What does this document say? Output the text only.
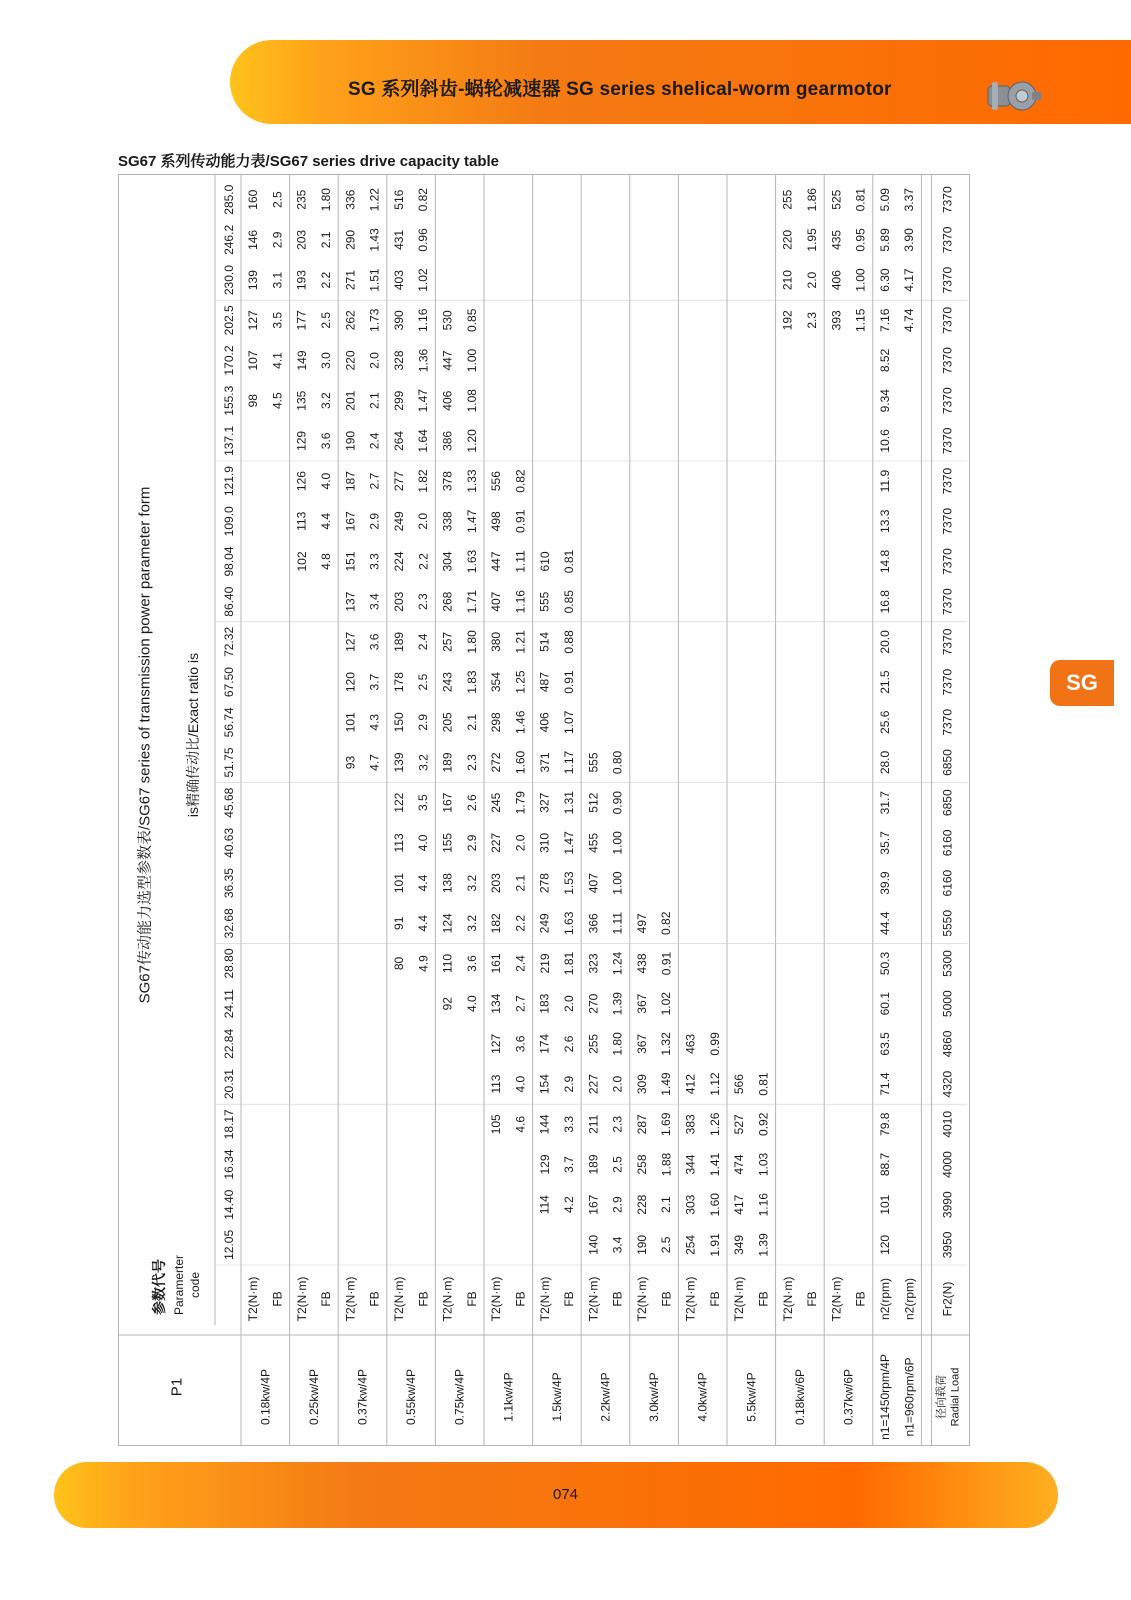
SG 系列斜齿-蜗轮减速器 SG series shelical-worm gearmotor
SG67 系列传动能力表/SG67 series drive capacity table
SG
SG67传动能力选型参数表/SG67 series of transmission power parameter form is精确传动比/Exact ratio is
12.05
14.40
16.34
18.17
20.31
22.84
24.11
28.80
32.68
36.35
40.63
45.68
51.75
56.74
67.50
72.32
86.40
98.04
109.0
121.9
137.1
155.3
170.2
202.5
230.0
246.2
285.0
参数代号 Paramerter code
P1
T2(N·m)
0.18kw/4P
98
107
127
139
146
160
FB
4.5
4.1
3.5
3.1
2.9
2.5
T2(N·m)
0.25kw/4P
102
113
126
129
135
149
177
193
203
235
FB
4.8
4.4
4.0
3.6
3.2
3.0
2.5
2.2
2.1
1.80
T2(N·m)
0.37kw/4P
93
101
120
127
137
151
167
187
190
201
220
262
271
290
336
FB
4.7
4.3
3.7
3.6
3.4
3.3
2.9
2.7
2.4
2.1
2.0
1.73
1.51
1.43
1.22
T2(N·m)
0.55kw/4P
80
91
101
113
122
139
150
178
189
203
224
249
277
264
299
328
390
403
431
516
FB
4.9
4.4
4.4
4.0
3.5
3.2
2.9
2.5
2.4
2.3
2.2
2.0
1.82
1.64
1.47
1.36
1.16
1.02
0.96
0.82
T2(N·m)
0.75kw/4P
92
110
124
138
155
167
189
205
243
257
268
304
338
378
386
406
447
530
FB
4.0
3.6
3.2
3.2
2.9
2.6
2.3
2.1
1.83
1.80
1.71
1.63
1.47
1.33
1.20
1.08
1.00
0.85
T2(N·m)
1.1kw/4P
105
113
127
134
161
182
203
227
245
272
298
354
380
407
447
498
556
FB
4.6
4.0
3.6
2.7
2.4
2.2
2.1
2.0
1.79
1.60
1.46
1.25
1.21
1.16
1.11
0.91
0.82
T2(N·m)
1.5kw/4P
114
129
144
154
174
183
219
249
278
310
327
371
406
487
514
555
610
FB
4.2
3.7
3.3
2.9
2.6
2.0
1.81
1.63
1.53
1.47
1.31
1.17
1.07
0.91
0.88
0.85
0.81
T2(N·m)
2.2kw/4P
140
167
189
211
227
255
270
323
366
407
455
512
555
FB
3.4
2.9
2.5
2.3
2.0
1.80
1.39
1.24
1.11
1.00
1.00
0.90
0.80
T2(N·m)
3.0kw/4P
190
228
258
287
309
367
367
438
497
FB
2.5
2.1
1.88
1.69
1.49
1.32
1.02
0.91
0.82
T2(N·m)
4.0kw/4P
254
303
344
383
412
463
FB
1.91
1.60
1.41
1.26
1.12
0.99
T2(N·m)
5.5kw/4P
349
417
474
527
566
FB
1.39
1.16
1.03
0.92
0.81
T2(N·m)
0.18kw/6P
192
210
220
255
FB
2.3
2.0
1.95
1.86
T2(N·m)
0.37kw/6P
393
406
435
525
FB
1.15
1.00
0.95
0.81
n2(rpm)
n1=1450rpm/4P
120
101
88.7
79.8
71.4
63.5
60.1
50.3
44.4
39.9
35.7
31.7
28.0
25.6
21.5
20.0
16.8
14.8
13.3
11.9
10.6
9.34
8.52
7.16
6.30
5.89
5.09
n2(rpm)
n1=960rpm/6P
4.74
4.17
3.90
3.37
Fr2(N)
径向载荷 Radial Load
3950
3990
4000
4010
4320
4860
5000
5300
5550
6160
6160
6850
6850
7370
7370
7370
7370
7370
7370
7370
7370
7370
7370
7370
7370
7370
7370
074
